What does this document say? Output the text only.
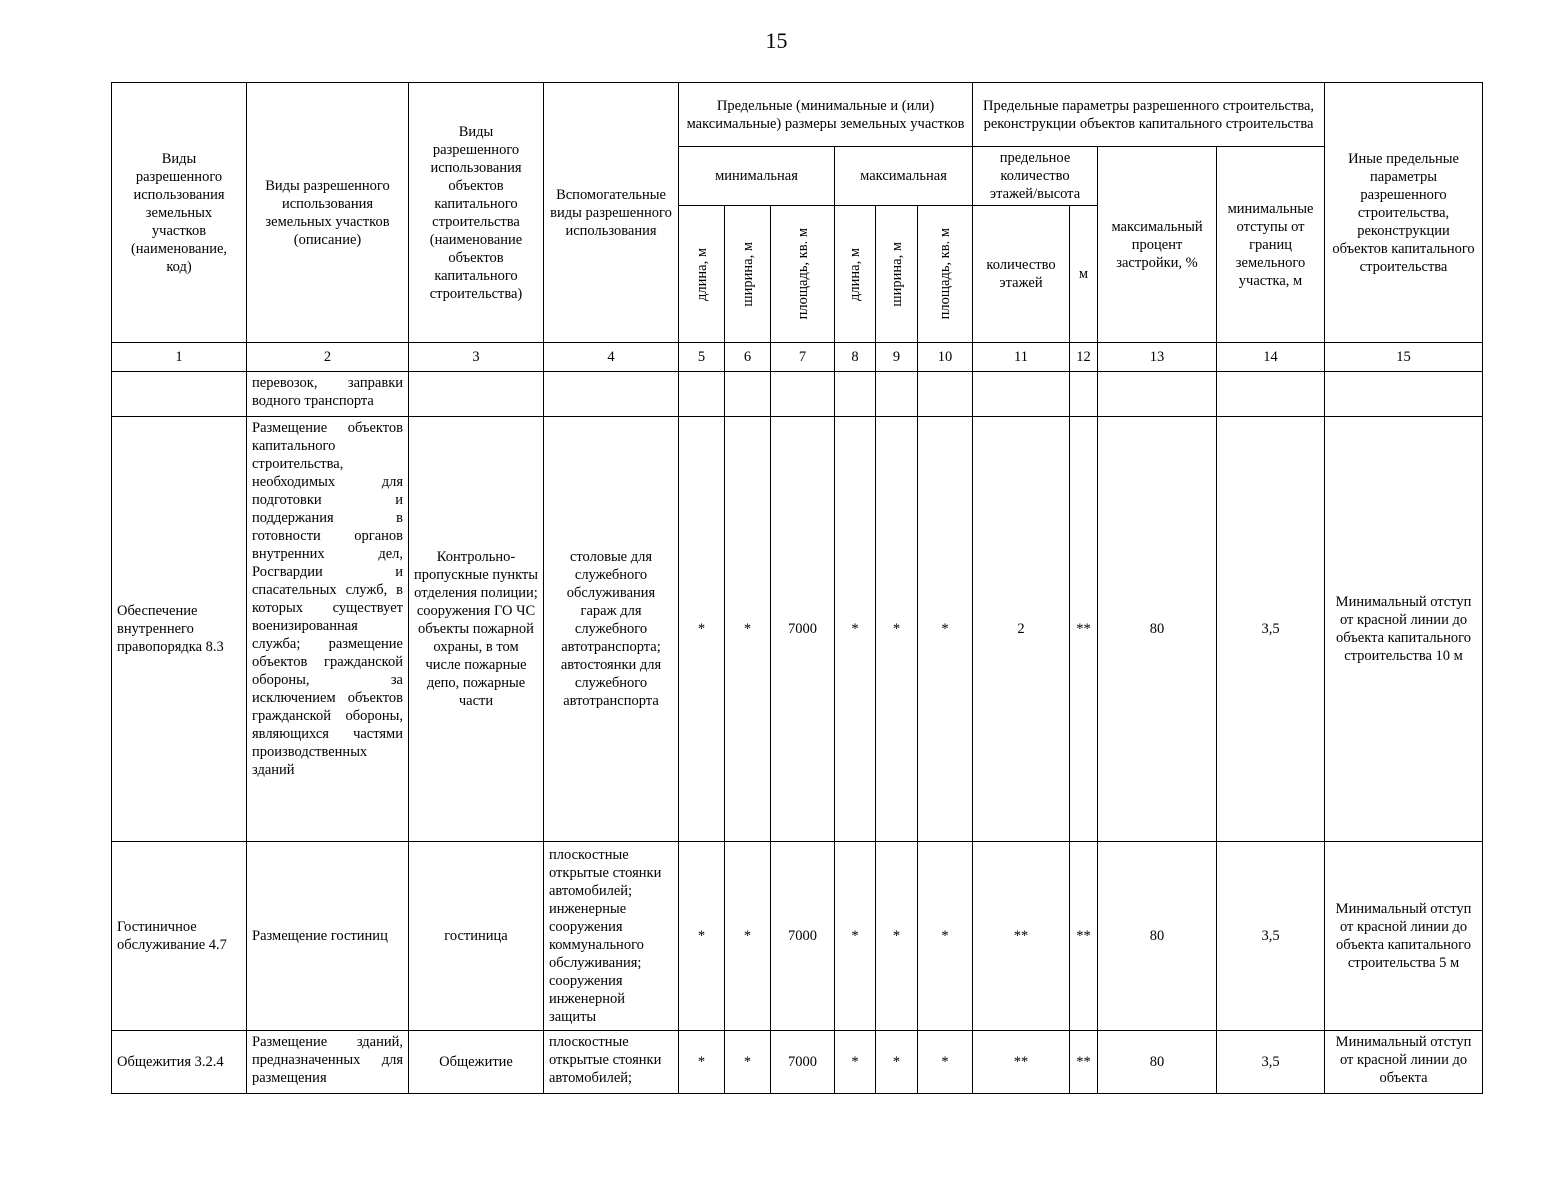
15
Виды разрешенного использования земельных участков (наименование, код)	Виды разрешенного использования земельных участков (описание)	Виды разрешенного использования объектов капитального строительства (наименование объектов капитального строительства)	Вспомогательные виды разрешенного использования	Предельные (минимальные и (или) максимальные) размеры земельных участков						Предельные параметры разрешенного строительства, реконструкции объектов капитального строительства				Иные предельные параметры разрешенного строительства, реконструкции объектов капитального строительства
				минимальная			максимальная			предельное количество этажей/высота		максимальный процент застройки, %	минимальные отступы от границ земельного участка, м	

				длина, м	ширина, м	площадь, кв. м	длина, м	ширина, м	площадь, кв. м	количество этажей	м			
1	2	3	4	5	6	7	8	9	10	11	12	13	14	15
	перевозок, заправки водного транспорта													
Обеспечение внутреннего правопорядка 8.3	Размещение объектов капитального строительства, необходимых для подготовки и поддержания в готовности органов внутренних дел, Росгвардии и спасательных служб, в которых существует военизированная служба; размещение объектов гражданской обороны, за исключением объектов гражданской обороны, являющихся частями производственных зданий	Контрольно-пропускные пункты отделения полиции; сооружения ГО ЧС объекты пожарной охраны, в том числе пожарные депо, пожарные части	столовые для служебного обслуживания гараж для служебного автотранспорта; автостоянки для служебного автотранспорта	*	*	7000	*	*	*	2	**	80	3,5	Минимальный отступ от красной линии до объекта капитального строительства 10 м
Гостиничное обслуживание 4.7	Размещение гостиниц	гостиница	плоскостные открытые стоянки автомобилей; инженерные сооружения коммунального обслуживания; сооружения инженерной защиты	*	*	7000	*	*	*	**	**	80	3,5	Минимальный отступ от красной линии до объекта капитального строительства 5 м
Общежития 3.2.4	Размещение зданий, предназначенных для размещения	Общежитие	плоскостные открытые стоянки автомобилей;	*	*	7000	*	*	*	**	**	80	3,5	Минимальный отступ от красной линии до объекта
